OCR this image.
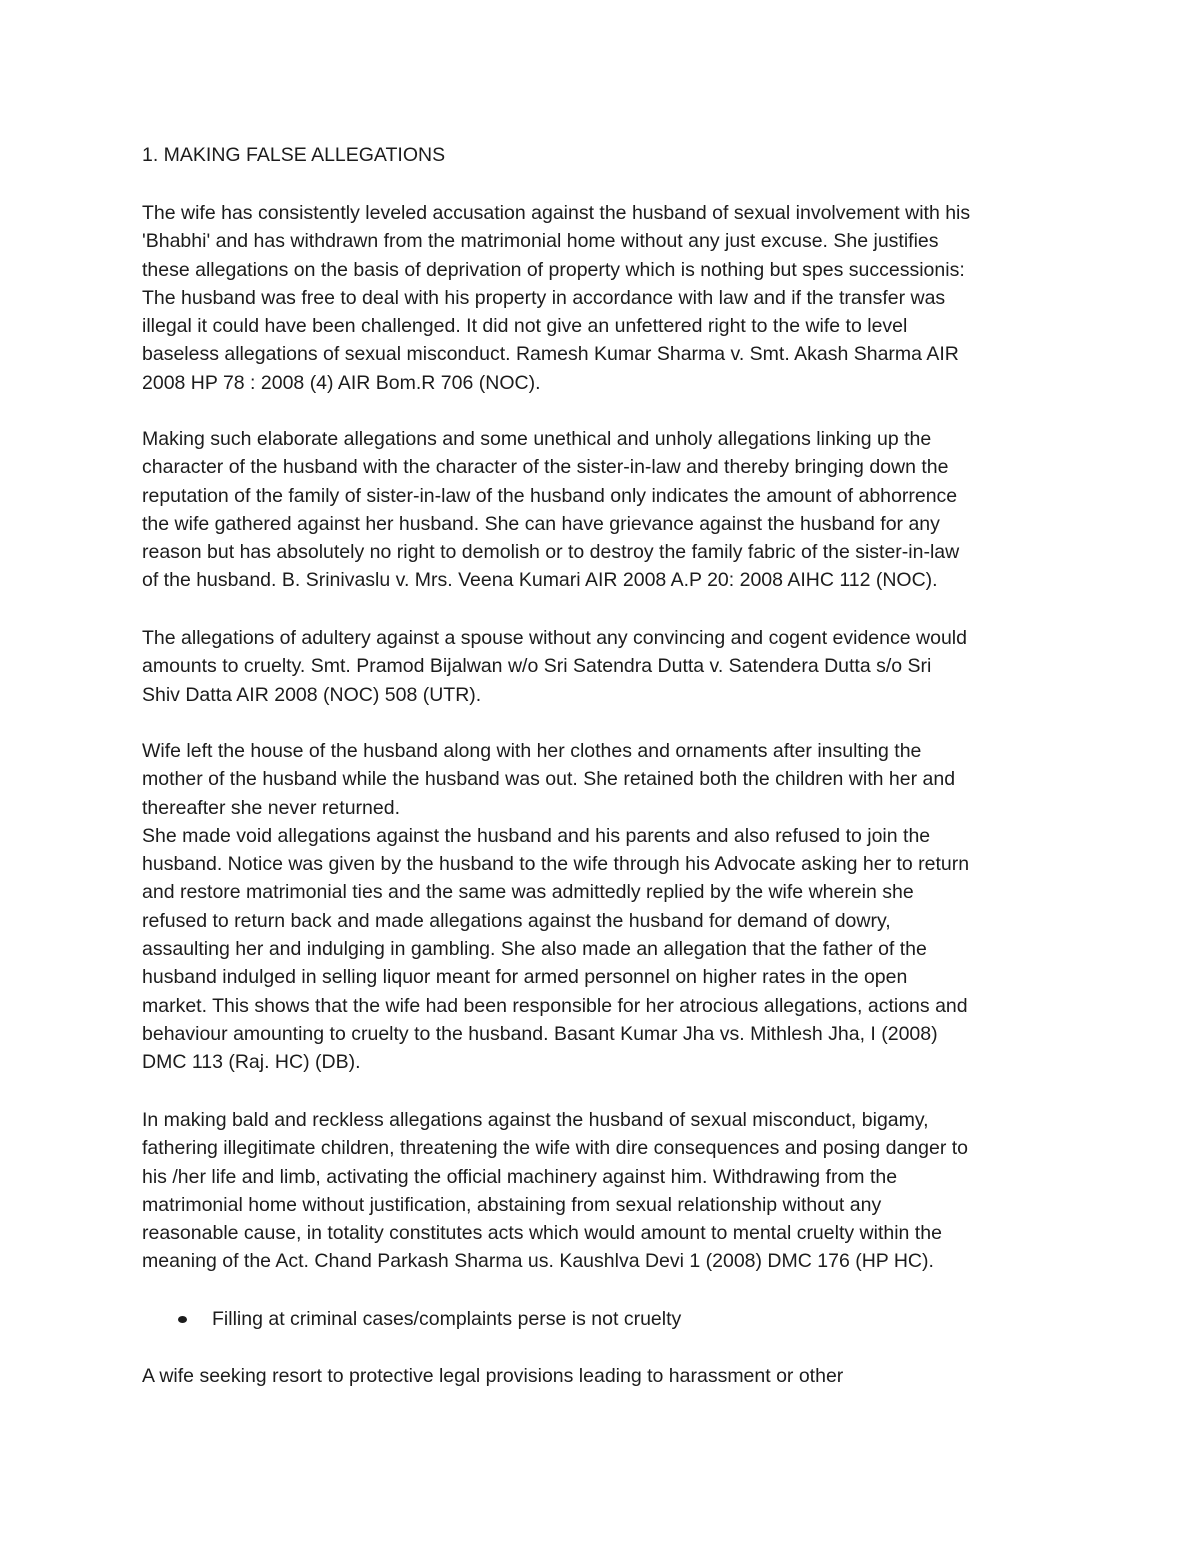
1. MAKING FALSE ALLEGATIONS
The wife has consistently leveled accusation against the husband of sexual involvement with his
'Bhabhi' and has withdrawn from the matrimonial home without any just excuse. She justifies
these allegations on the basis of deprivation of property which is nothing but spes successionis:
The husband was free to deal with his property in accordance with law and if the transfer was
illegal it could have been challenged. It did not give an unfettered right to the wife to level
baseless allegations of sexual misconduct. Ramesh Kumar Sharma v. Smt. Akash Sharma AIR
2008 HP 78 : 2008 (4) AIR Bom.R 706 (NOC).
Making such elaborate allegations and some unethical and unholy allegations linking up the
character of the husband with the character of the sister-in-law and thereby bringing down the
reputation of the family of sister-in-law of the husband only indicates the amount of abhorrence
the wife gathered against her husband. She can have grievance against the husband for any
reason but has absolutely no right to demolish or to destroy the family fabric of the sister-in-law
of the husband. B. Srinivaslu v. Mrs. Veena Kumari AIR 2008 A.P 20: 2008 AIHC 112 (NOC).
The allegations of adultery against a spouse without any convincing and cogent evidence would
amounts to cruelty. Smt. Pramod Bijalwan w/o Sri Satendra Dutta v. Satendera Dutta s/o Sri
Shiv Datta AIR 2008 (NOC) 508 (UTR).
Wife left the house of the husband along with her clothes and ornaments after insulting the
mother of the husband while the husband was out. She retained both the children with her and
thereafter she never returned.
She made void allegations against the husband and his parents and also refused to join the
husband. Notice was given by the husband to the wife through his Advocate asking her to return
and restore matrimonial ties and the same was admittedly replied by the wife wherein she
refused to return back and made allegations against the husband for demand of dowry,
assaulting her and indulging in gambling. She also made an allegation that the father of the
husband indulged in selling liquor meant for armed personnel on higher rates in the open
market. This shows that the wife had been responsible for her atrocious allegations, actions and
behaviour amounting to cruelty to the husband. Basant Kumar Jha vs. Mithlesh Jha, I (2008)
DMC 113 (Raj. HC) (DB).
In making bald and reckless allegations against the husband of sexual misconduct, bigamy,
fathering illegitimate children, threatening the wife with dire consequences and posing danger to
his /her life and limb, activating the official machinery against him. Withdrawing from the
matrimonial home without justification, abstaining from sexual relationship without any
reasonable cause, in totality constitutes acts which would amount to mental cruelty within the
meaning of the Act. Chand Parkash Sharma us. Kaushlva Devi 1 (2008) DMC 176 (HP HC).
Filling at criminal cases/complaints perse is not cruelty
A wife seeking resort to protective legal provisions leading to harassment or other
